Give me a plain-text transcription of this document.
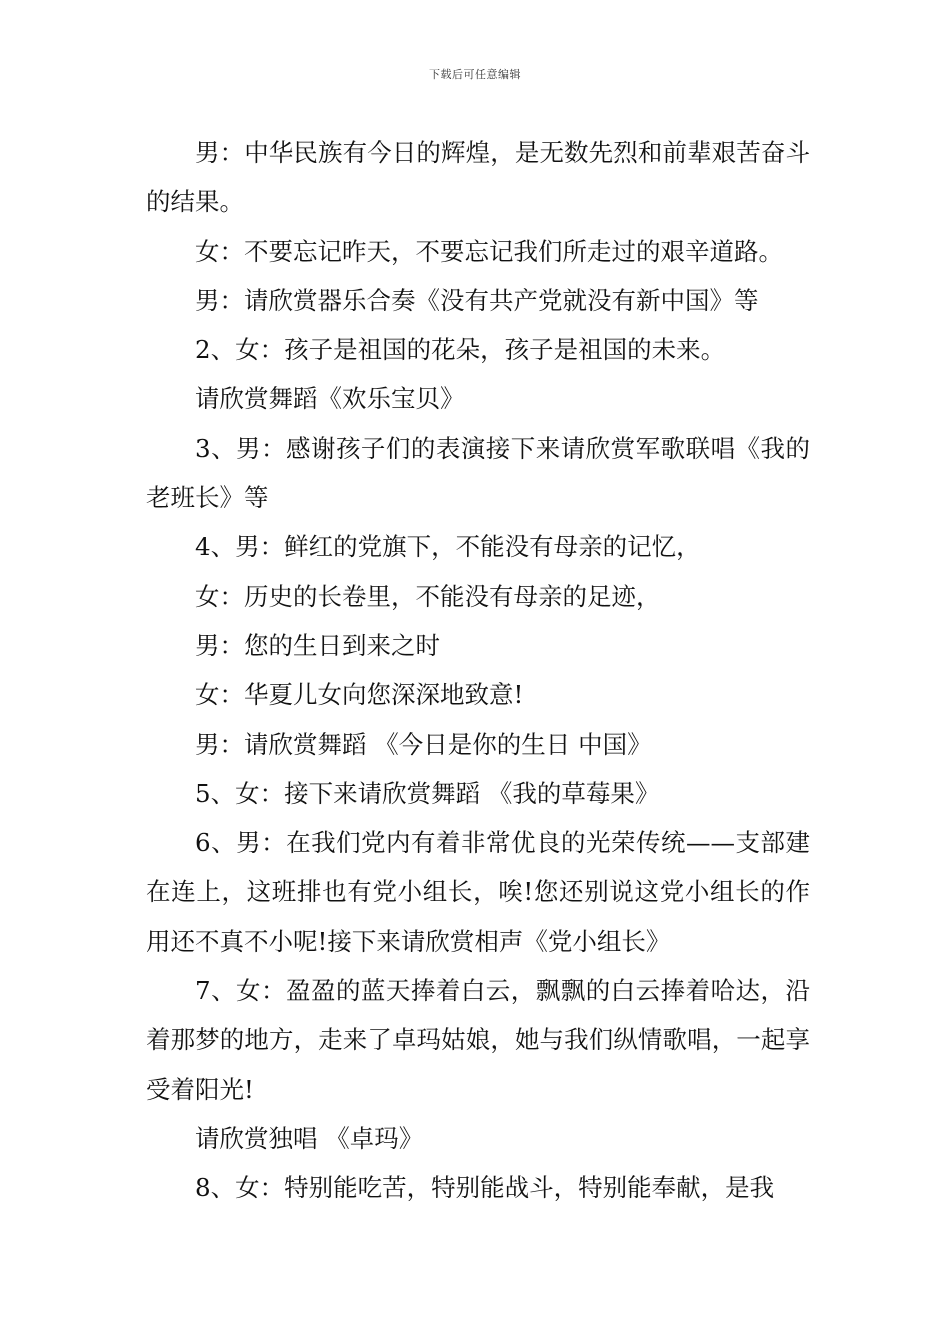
下载后可任意编辑

男：中华民族有今日的辉煌，是无数先烈和前辈艰苦奋斗的结果。

女：不要忘记昨天，不要忘记我们所走过的艰辛道路。

男：请欣赏器乐合奏《没有共产党就没有新中国》等

2、女：孩子是祖国的花朵，孩子是祖国的未来。

请欣赏舞蹈《欢乐宝贝》

3、男：感谢孩子们的表演接下来请欣赏军歌联唱《我的老班长》等

4、男：鲜红的党旗下，不能没有母亲的记忆，

女：历史的长卷里，不能没有母亲的足迹，

男：您的生日到来之时

女：华夏儿女向您深深地致意!

男：请欣赏舞蹈 《今日是你的生日 中国》

5、女：接下来请欣赏舞蹈 《我的草莓果》

6、男：在我们党内有着非常优良的光荣传统——支部建在连上，这班排也有党小组长，唉!您还别说这党小组长的作用还不真不小呢!接下来请欣赏相声《党小组长》

7、女：盈盈的蓝天捧着白云，飘飘的白云捧着哈达，沿着那梦的地方，走来了卓玛姑娘，她与我们纵情歌唱，一起享受着阳光!

请欣赏独唱 《卓玛》

8、女：特别能吃苦，特别能战斗，特别能奉献，是我
